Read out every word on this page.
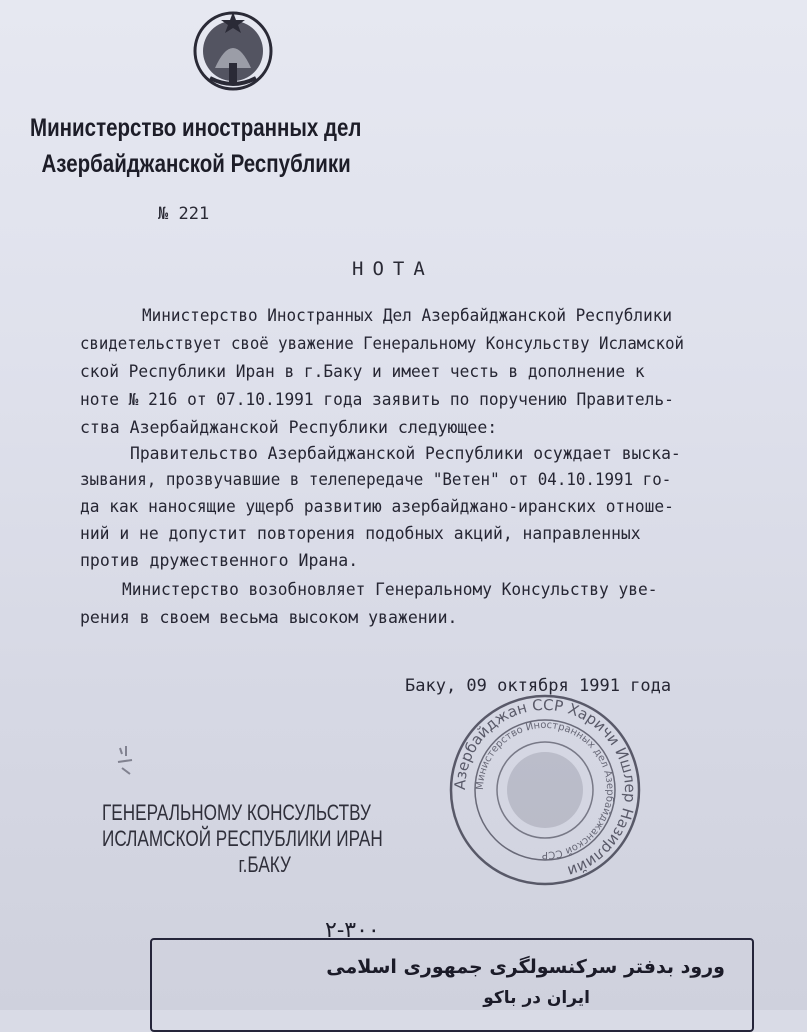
Министерство иностранных дел
Азербайджанской Республики
№ 221
НОТА
Министерство Иностранных Дел Азербайджанской Республики
свидетельствует своё уважение Генеральному Консульству Исламской
ской Республики Иран в г.Баку и имеет честь в дополнение к
ноте № 216 от 07.10.1991 года заявить по поручению Правитель-
ства Азербайджанской Республики следующее:
Правительство Азербайджанской Республики осуждает выска-
зывания, прозвучавшие в телепередаче "Ветен" от 04.10.1991 го-
да как наносящие ущерб развитию азербайджано-иранских отноше-
ний и не допустит повторения подобных акций, направленных
против дружественного Ирана.
Министерство возобновляет Генеральному Консульству уве-
рения в своем весьма высоком уважении.
Баку, 09 октября 1991 года
Азербайджан ССР Харичи Ишлер Назирлийи
Министерство Иностранных дел Азербайджанской ССР
ГЕНЕРАЛЬНОМУ КОНСУЛЬСТВУ
ИСЛАМСКОЙ РЕСПУБЛИКИ ИРАН
г.БАКУ
٣٠٠-٢
ورود بدفتر سرکنسولگری جمهوری اسلامی
ایران در باکو
